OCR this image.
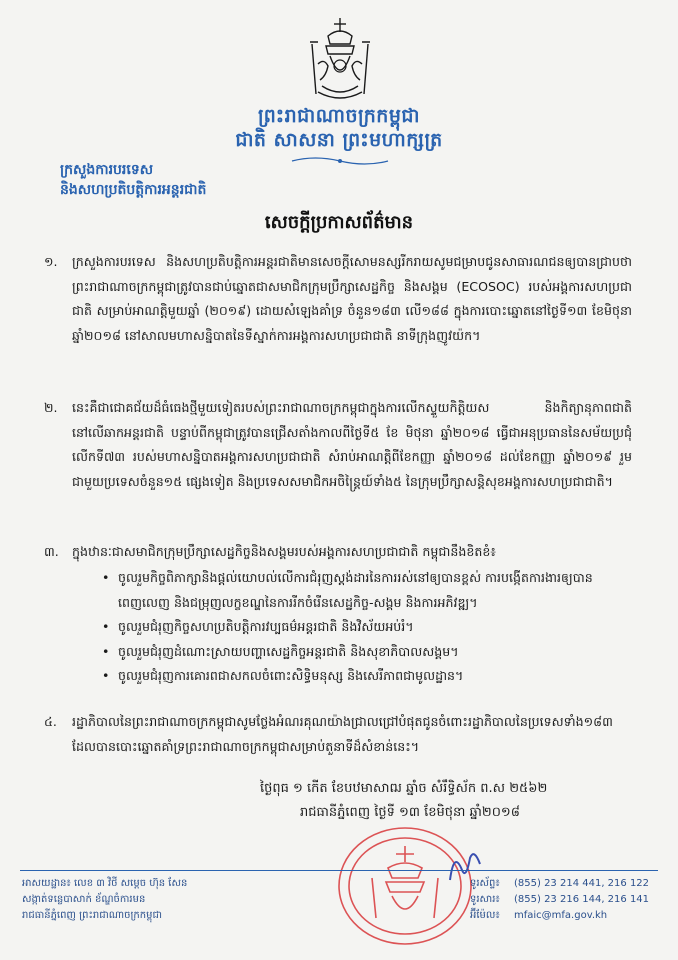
ព្រះរាជាណាចក្រកម្ពុជា
ជាតិ សាសនា ព្រះមហាក្សត្រ
ក្រសួងការបរទេស
និងសហប្រតិបត្តិការអន្តរជាតិ
សេចក្តីប្រកាសព័ត៌មាន
១. ក្រសួងការបរទេស និងសហប្រតិបត្តិការអន្តរជាតិមានសេចក្តីសោមនស្សរីករាយសូមជម្រាបជូនសាធារណជនឲ្យបានជ្រាបថា ព្រះរាជាណាចក្រកម្ពុជាត្រូវបានជាប់ឆ្នោតជាសមាជិកក្រុមប្រឹក្សាសេដ្ឋកិច្ច និងសង្គម (ECOSOC) របស់អង្គការសហប្រជាជាតិ សម្រាប់អាណត្តិមួយឆ្នាំ (២០១៩) ដោយសំឡេងគាំទ្រ ចំនួន១៨៣ លើ១៨៨ ក្នុងការបោះឆ្នោតនៅថ្ងៃទី១៣ ខែមិថុនា ឆ្នាំ២០១៨ នៅសាលមហាសន្និបាតនៃទីស្នាក់ការអង្គការសហប្រជាជាតិ នាទីក្រុងញូវយ៉ក។
២. នេះគឺជាជោគជ័យដ៏ធំធេងថ្មីមួយទៀតរបស់ព្រះរាជាណាចក្រកម្ពុជាក្នុងការលើកស្ទួយកិត្តិយស និងកិត្យានុភាពជាតិនៅលើឆាកអន្តរជាតិ បន្ទាប់ពីកម្ពុជាត្រូវបានជ្រើសតាំងកាលពីថ្ងៃទី៥ ខែ មិថុនា ឆ្នាំ២០១៨ ធ្វើជាអនុប្រធាននៃសម័យប្រជុំលើកទី៧៣ របស់មហាសន្និបាតអង្គការសហប្រជាជាតិ សំរាប់អាណត្តិពីខែកញ្ញា ឆ្នាំ២០១៨ ដល់ខែកញ្ញា ឆ្នាំ២០១៩ រួមជាមួយប្រទេសចំនួន១៥ ផ្សេងទៀត និងប្រទេសសមាជិកអចិន្ត្រៃយ៍ទាំង៥ នៃក្រុមប្រឹក្សាសន្តិសុខអង្គការសហប្រជាជាតិ។
៣. ក្នុងឋានៈជាសមាជិកក្រុមប្រឹក្សាសេដ្ឋកិច្ចនិងសង្គមរបស់អង្គការសហប្រជាជាតិ កម្ពុជានឹងខិតខំ៖
• ចូលរួមកិច្ចពិភាក្សានិងផ្តល់យោបល់លើការជំរុញស្តង់ដារនៃការរស់នៅឲ្យបានខ្ពស់ ការបង្កើតការងារឲ្យបានពេញលេញ និងជម្រុញលក្ខខណ្ឌនៃការរីកចំរើនសេដ្ឋកិច្ច-សង្គម និងការអភិវឌ្ឍ។
• ចូលរួមជំរុញកិច្ចសហប្រតិបត្តិការវប្បធម៌អន្តរជាតិ និងវិស័យអប់រំ។
• ចូលរួមជំរុញដំណោះស្រាយបញ្ហាសេដ្ឋកិច្ចអន្តរជាតិ និងសុខាភិបាលសង្គម។
• ចូលរួមជំរុញការគោរពជាសកលចំពោះសិទ្ធិមនុស្ស និងសេរីភាពជាមូលដ្ឋាន។
៤. រដ្ឋាភិបាលនៃព្រះរាជាណាចក្រកម្ពុជាសូមថ្លែងអំណរគុណយ៉ាងជ្រាលជ្រៅបំផុតជូនចំពោះរដ្ឋាភិបាលនៃប្រទេសទាំង១៨៣ ដែលបានបោះឆ្នោតគាំទ្រព្រះរាជាណាចក្រកម្ពុជាសម្រាប់តួនាទីដ៏សំខាន់នេះ។
ថ្ងៃពុធ ១ កើត ខែបឋមាសាឍ ឆ្នាំច សំរឹទ្ធិស័ក ព.ស ២៥៦២
រាជធានីភ្នំពេញ ថ្ងៃទី ១៣ ខែមិថុនា ឆ្នាំ២០១៨
អាសយដ្ឋាន៖ លេខ ៣ វិថី សម្តេច ហ៊ុន សែន
សង្កាត់ទន្លេបាសាក់ ខ័ណ្ឌចំការមន
រាជធានីភ្នំពេញ ព្រះរាជាណាចក្រកម្ពុជា
ទូរស័ព្ទ៖	(855) 23 214 441, 216 122
ទូរសារ៖	(855) 23 216 144, 216 141
អ៊ីម៉ែល៖	mfaic@mfa.gov.kh
